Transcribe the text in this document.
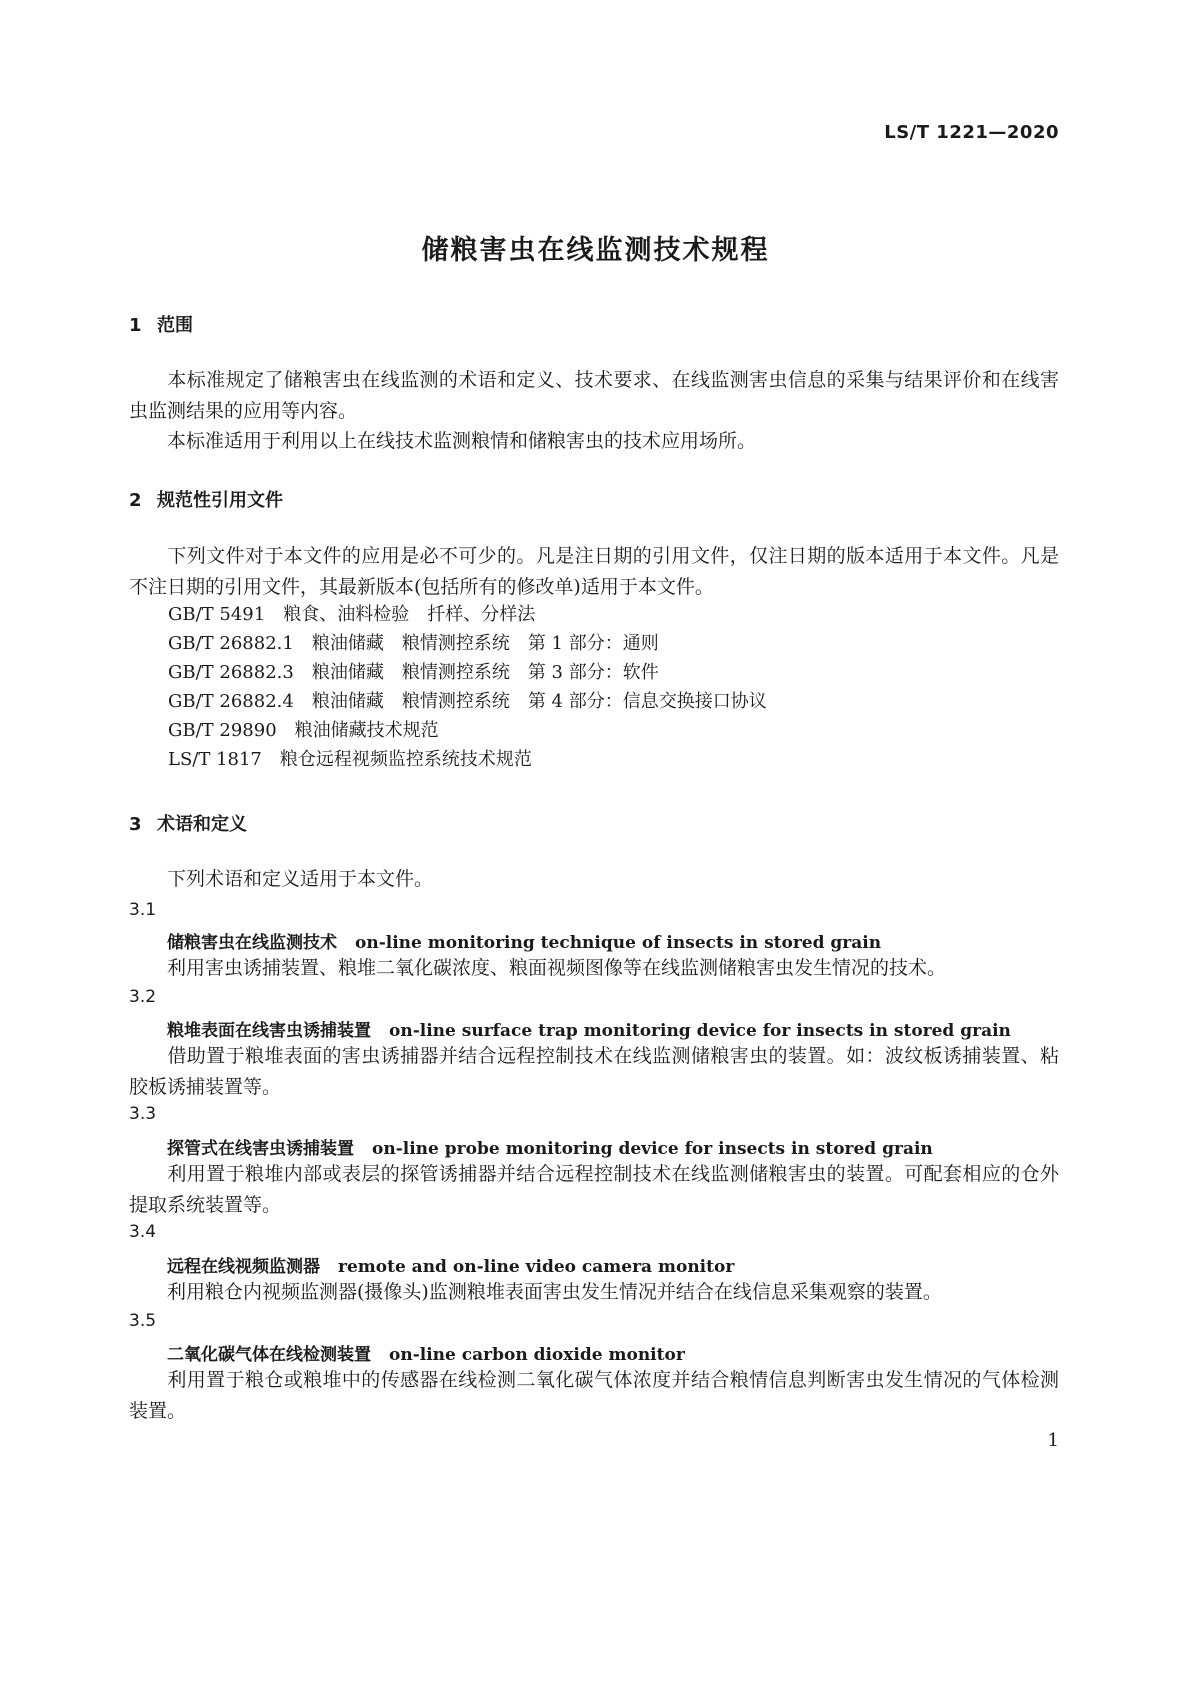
LS/T 1221—2020
储粮害虫在线监测技术规程
1 范围

本标准规定了储粮害虫在线监测的术语和定义、技术要求、在线监测害虫信息的采集与结果评价和在线害虫监测结果的应用等内容。

本标准适用于利用以上在线技术监测粮情和储粮害虫的技术应用场所。

2 规范性引用文件

下列文件对于本文件的应用是必不可少的。凡是注日期的引用文件，仅注日期的版本适用于本文件。凡是不注日期的引用文件，其最新版本(包括所有的修改单)适用于本文件。

GB/T 5491　粮食、油料检验　扦样、分样法
GB/T 26882.1　粮油储藏　粮情测控系统　第 1 部分：通则
GB/T 26882.3　粮油储藏　粮情测控系统　第 3 部分：软件
GB/T 26882.4　粮油储藏　粮情测控系统　第 4 部分：信息交换接口协议
GB/T 29890　粮油储藏技术规范
LS/T 1817　粮仓远程视频监控系统技术规范
3 术语和定义

下列术语和定义适用于本文件。

3.1
储粮害虫在线监测技术 on-line monitoring technique of insects in stored grain

利用害虫诱捕装置、粮堆二氧化碳浓度、粮面视频图像等在线监测储粮害虫发生情况的技术。

3.2
粮堆表面在线害虫诱捕装置 on-line surface trap monitoring device for insects in stored grain

借助置于粮堆表面的害虫诱捕器并结合远程控制技术在线监测储粮害虫的装置。如：波纹板诱捕装置、粘胶板诱捕装置等。

3.3
探管式在线害虫诱捕装置 on-line probe monitoring device for insects in stored grain

利用置于粮堆内部或表层的探管诱捕器并结合远程控制技术在线监测储粮害虫的装置。可配套相应的仓外提取系统装置等。

3.4
远程在线视频监测器 remote and on-line video camera monitor

利用粮仓内视频监测器(摄像头)监测粮堆表面害虫发生情况并结合在线信息采集观察的装置。

3.5
二氧化碳气体在线检测装置 on-line carbon dioxide monitor

利用置于粮仓或粮堆中的传感器在线检测二氧化碳气体浓度并结合粮情信息判断害虫发生情况的气体检测装置。

1
